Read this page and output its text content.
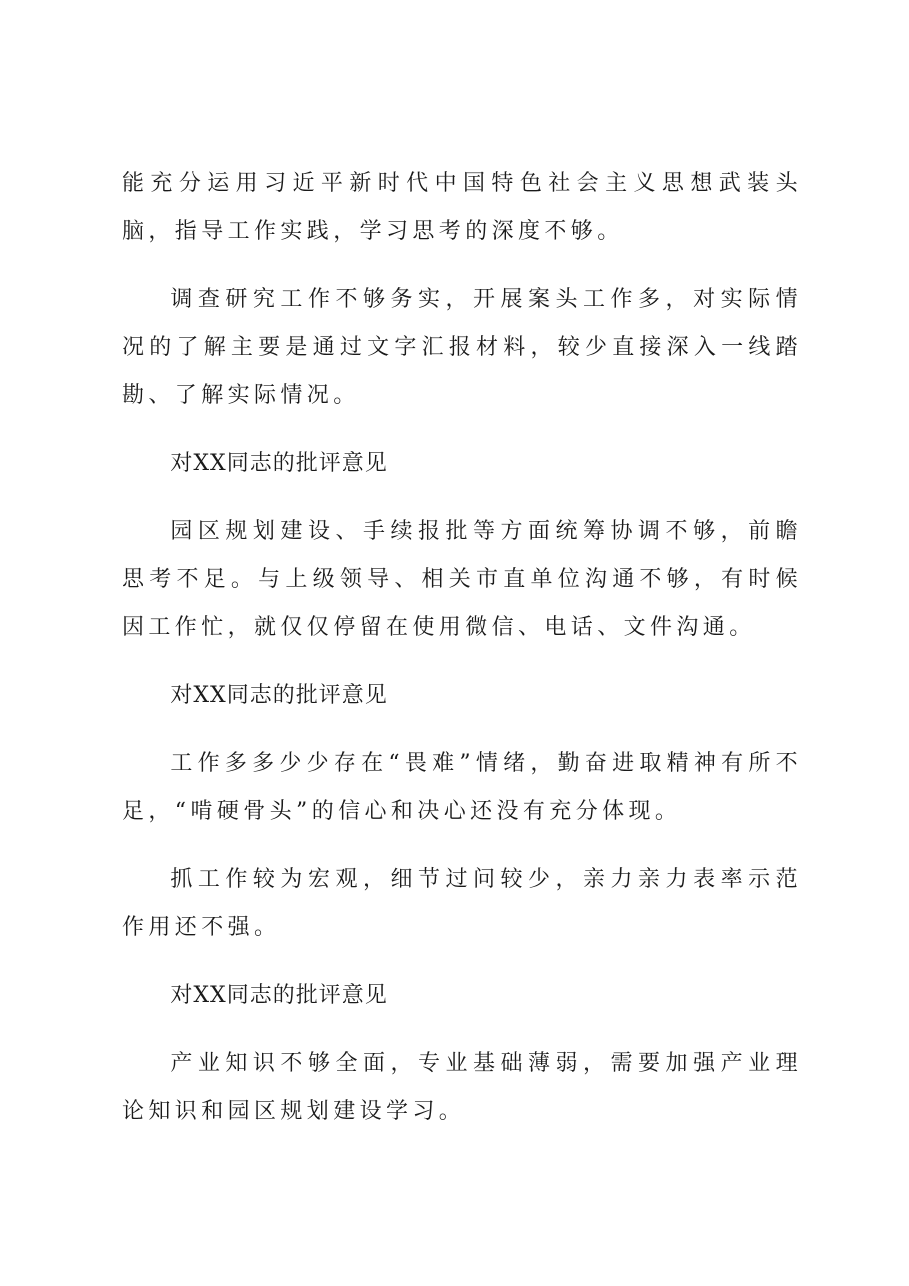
能充分运用习近平新时代中国特色社会主义思想武装头脑，指导工作实践，学习思考的深度不够。

调查研究工作不够务实，开展案头工作多，对实际情况的了解主要是通过文字汇报材料，较少直接深入一线踏勘、了解实际情况。

对XX同志的批评意见

园区规划建设、手续报批等方面统筹协调不够，前瞻思考不足。与上级领导、相关市直单位沟通不够，有时候因工作忙，就仅仅停留在使用微信、电话、文件沟通。

对XX同志的批评意见

工作多多少少存在“畏难”情绪，勤奋进取精神有所不足，“啃硬骨头”的信心和决心还没有充分体现。

抓工作较为宏观，细节过问较少，亲力亲力表率示范作用还不强。

对XX同志的批评意见

产业知识不够全面，专业基础薄弱，需要加强产业理论知识和园区规划建设学习。
